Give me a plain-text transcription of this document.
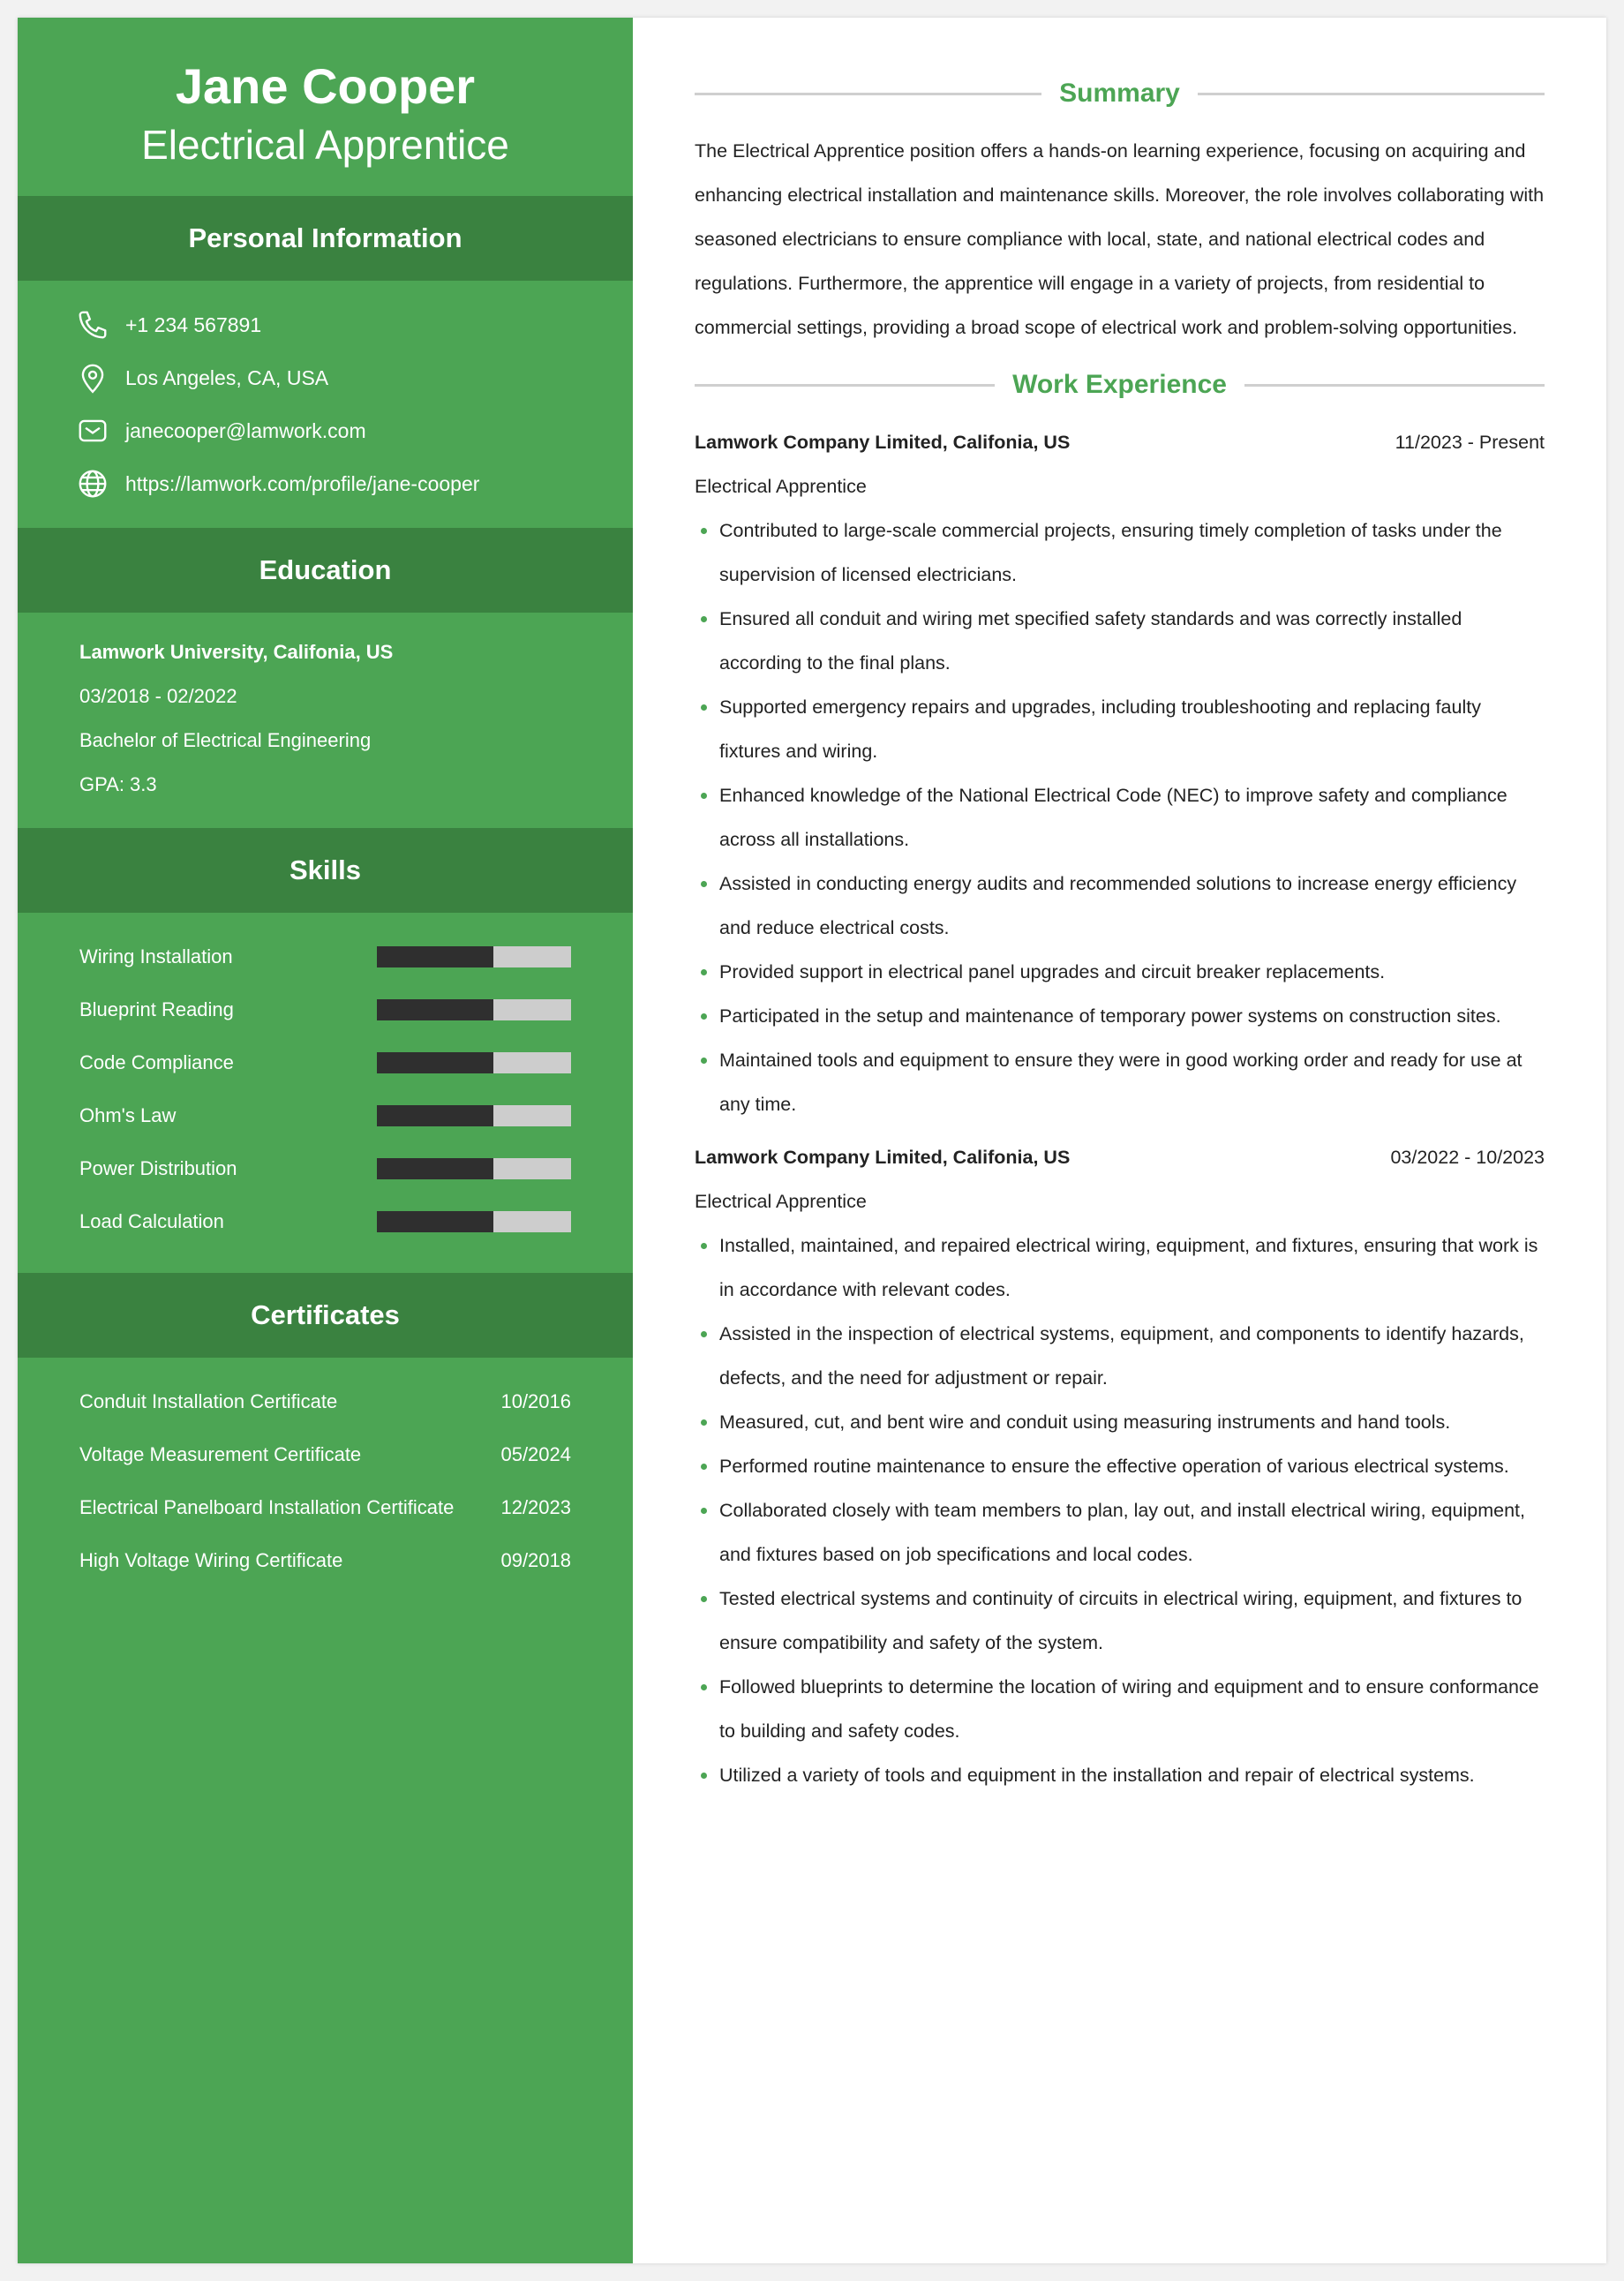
Jane Cooper
Electrical Apprentice
Personal Information
+1 234 567891
Los Angeles, CA, USA
janecooper@lamwork.com
https://lamwork.com/profile/jane-cooper
Education
Lamwork University, Califonia, US
03/2018 - 02/2022
Bachelor of Electrical Engineering
GPA: 3.3
Skills
Wiring Installation
Blueprint Reading
Code Compliance
Ohm's Law
Power Distribution
Load Calculation
Certificates
Conduit Installation Certificate	10/2016
Voltage Measurement Certificate	05/2024
Electrical Panelboard Installation Certificate 12/2023
High Voltage Wiring Certificate	09/2018
Summary

The Electrical Apprentice position offers a hands-on learning experience, focusing on acquiring and enhancing electrical installation and maintenance skills. Moreover, the role involves collaborating with seasoned electricians to ensure compliance with local, state, and national electrical codes and regulations. Furthermore, the apprentice will engage in a variety of projects, from residential to commercial settings, providing a broad scope of electrical work and problem-solving opportunities.

Work Experience
Lamwork Company Limited, Califonia, US	11/2023 - Present
Electrical Apprentice
Contributed to large-scale commercial projects, ensuring timely completion of tasks under the supervision of licensed electricians.
Ensured all conduit and wiring met specified safety standards and was correctly installed according to the final plans.
Supported emergency repairs and upgrades, including troubleshooting and replacing faulty fixtures and wiring.
Enhanced knowledge of the National Electrical Code (NEC) to improve safety and compliance across all installations.
Assisted in conducting energy audits and recommended solutions to increase energy efficiency and reduce electrical costs.
Provided support in electrical panel upgrades and circuit breaker replacements.
Participated in the setup and maintenance of temporary power systems on construction sites.
Maintained tools and equipment to ensure they were in good working order and ready for use at any time.
Lamwork Company Limited, Califonia, US	03/2022 - 10/2023
Electrical Apprentice
Installed, maintained, and repaired electrical wiring, equipment, and fixtures, ensuring that work is in accordance with relevant codes.
Assisted in the inspection of electrical systems, equipment, and components to identify hazards, defects, and the need for adjustment or repair.
Measured, cut, and bent wire and conduit using measuring instruments and hand tools.
Performed routine maintenance to ensure the effective operation of various electrical systems.
Collaborated closely with team members to plan, lay out, and install electrical wiring, equipment, and fixtures based on job specifications and local codes.
Tested electrical systems and continuity of circuits in electrical wiring, equipment, and fixtures to ensure compatibility and safety of the system.
Followed blueprints to determine the location of wiring and equipment and to ensure conformance to building and safety codes.
Utilized a variety of tools and equipment in the installation and repair of electrical systems.
